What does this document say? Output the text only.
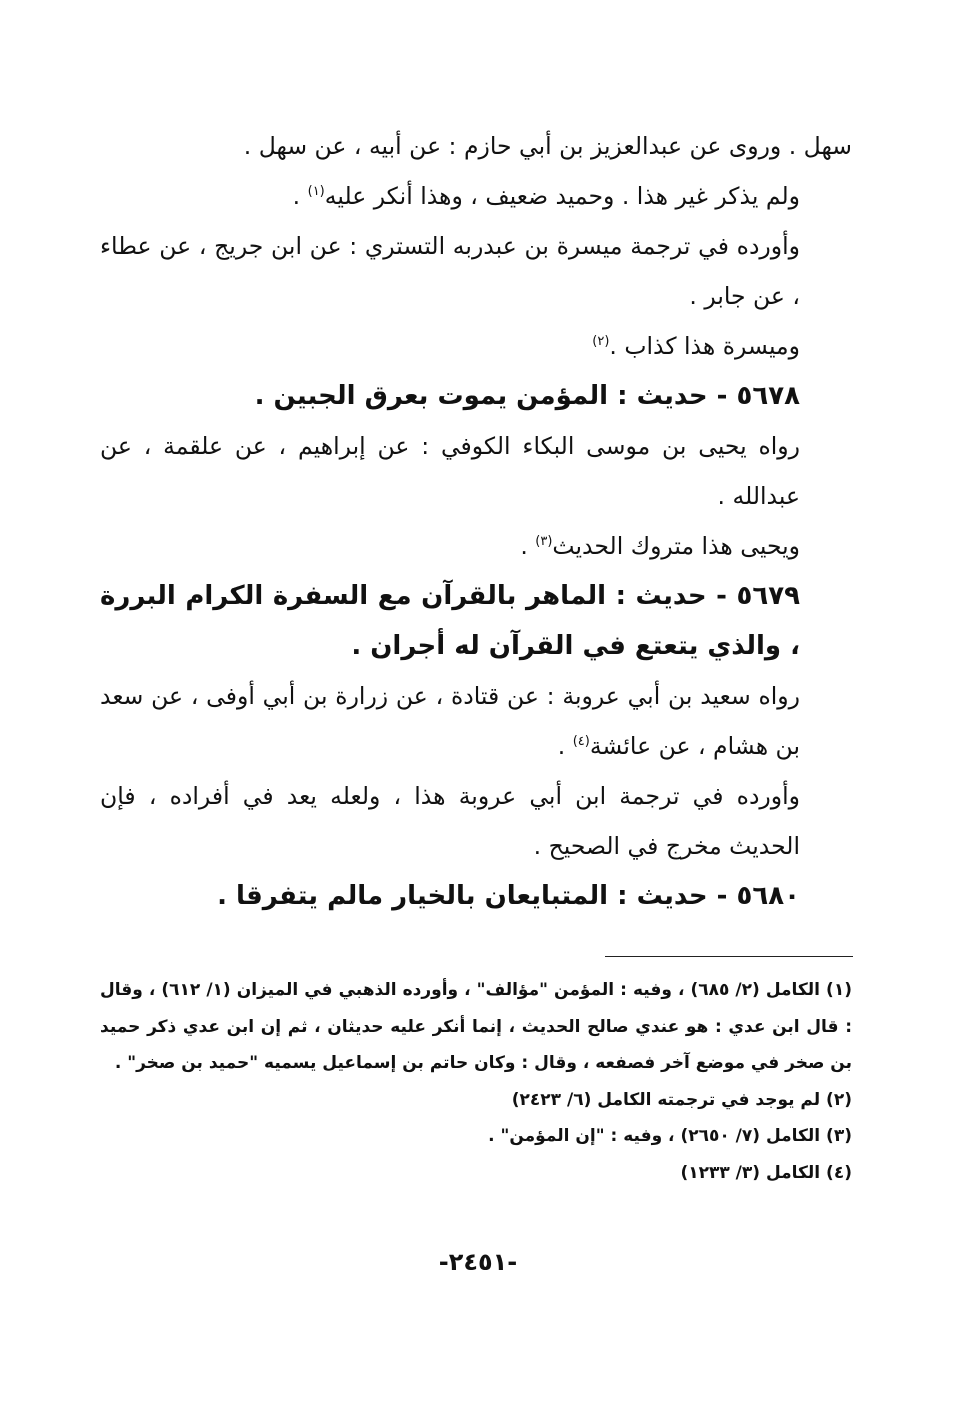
سهل . وروى عن عبدالعزيز بن أبي حازم : عن أبيه ، عن سهل .

ولم يذكر غير هذا . وحميد ضعيف ، وهذا أنكر عليه$^{(١)}$ .

وأورده في ترجمة ميسرة بن عبدربه التستري : عن ابن جريج ، عن عطاء ، عن جابر .

وميسرة هذا كذاب .$^{(٢)}$

٥٦٧٨ - حديث : المؤمن يموت بعرق الجبين .

رواه يحيى بن موسى البكاء الكوفي : عن إبراهيم ، عن علقمة ، عن عبدالله .

ويحيى هذا متروك الحديث$^{(٣)}$ .

٥٦٧٩ - حديث : الماهر بالقرآن مع السفرة الكرام البررة ، والذي يتعتع في القرآن له أجران .

رواه سعيد بن أبي عروبة : عن قتادة ، عن زرارة بن أبي أوفى ، عن سعد بن هشام ، عن عائشة$^{(٤)}$ .

وأورده في ترجمة ابن أبي عروبة هذا ، ولعله يعد في أفراده ، فإن الحديث مخرج في الصحيح .

٥٦٨٠ - حديث : المتبايعان بالخيار مالم يتفرقا .

(١) الكامل (٢/ ٦٨٥) ، وفيه : المؤمن "مؤالف" ، وأورده الذهبي في الميزان (١/ ٦١٢) ، وقال : قال ابن عدي : هو عندي صالح الحديث ، إنما أنكر عليه حديثان ، ثم إن ابن عدي ذكر حميد بن صخر في موضع آخر فصفعه ، وقال : وكان حاتم بن إسماعيل يسميه "حميد بن صخر" .

(٢) لم يوجد في ترجمته الكامل (٦/ ٢٤٢٣)

(٣) الكامل (٧/ ٢٦٥٠) ، وفيه : "إن المؤمن" .

(٤) الكامل (٣/ ١٢٣٣)

-٢٤٥١-
